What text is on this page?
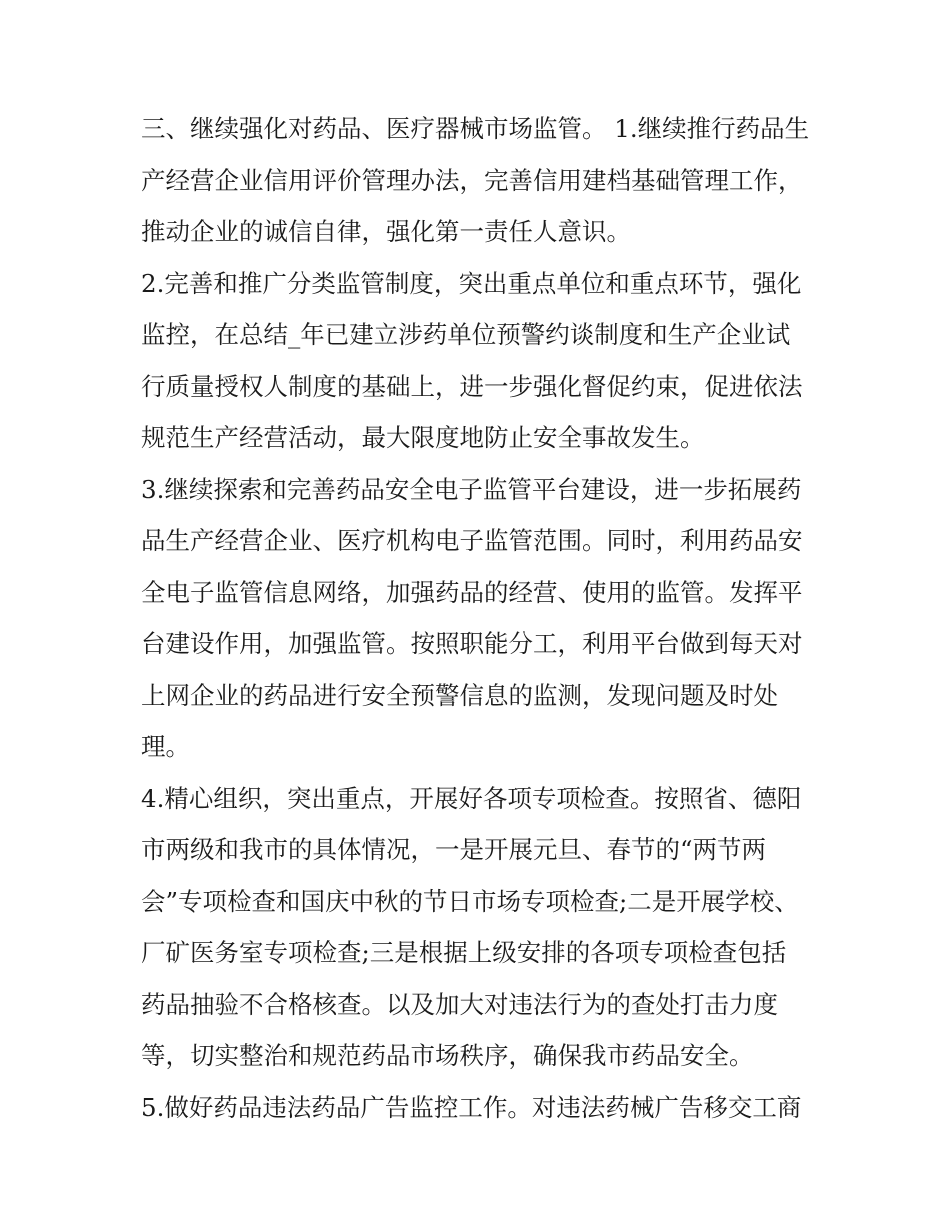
三、继续强化对药品、医疗器械市场监管。 1.继续推行药品生
产经营企业信用评价管理办法，完善信用建档基础管理工作，
推动企业的诚信自律，强化第一责任人意识。
2.完善和推广分类监管制度，突出重点单位和重点环节，强化
监控，在总结_年已建立涉药单位预警约谈制度和生产企业试
行质量授权人制度的基础上，进一步强化督促约束，促进依法
规范生产经营活动，最大限度地防止安全事故发生。
3.继续探索和完善药品安全电子监管平台建设，进一步拓展药
品生产经营企业、医疗机构电子监管范围。同时，利用药品安
全电子监管信息网络，加强药品的经营、使用的监管。发挥平
台建设作用，加强监管。按照职能分工，利用平台做到每天对
上网企业的药品进行安全预警信息的监测，发现问题及时处
理。
4.精心组织，突出重点，开展好各项专项检查。按照省、德阳
市两级和我市的具体情况，一是开展元旦、春节的“两节两
会”专项检查和国庆中秋的节日市场专项检查;二是开展学校、
厂矿医务室专项检查;三是根据上级安排的各项专项检查包括
药品抽验不合格核查。以及加大对违法行为的查处打击力度
等，切实整治和规范药品市场秩序，确保我市药品安全。
5.做好药品违法药品广告监控工作。对违法药械广告移交工商
